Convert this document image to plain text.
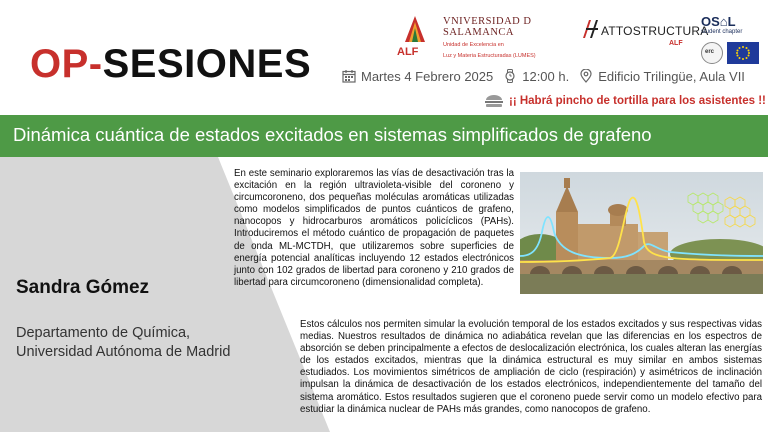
OP-SESIONES	ALF
VNIVERSIDAD D SALAMANCA
Unidad de Excelencia en
Luz y Materia Estructuradas (LUMES)
ATTOSTRUCTURA
ALF
OS⌂L
student chapter
erc
Martes 4 Febrero 2025 12:00 h. Edificio Trilingüe, Aula VII
¡¡ Habrá pincho de tortilla para los asistentes !!
Dinámica cuántica de estados excitados en sistemas simplificados de grafeno
Sandra Gómez
Departamento de Química,
Universidad Autónoma de Madrid

En este seminario exploraremos las vías de desactivación tras la excitación en la región ultravioleta-visible del coroneno y circumcoroneno, dos pequeñas moléculas aromáticas utilizadas como modelos simplificados de puntos cuánticos de grafeno, nanocopos y hidrocarburos aromáticos policíclicos (PAHs). Introduciremos el método cuántico de propagación de paquetes de onda ML-MCTDH, que utilizaremos sobre superficies de energía potencial analíticas incluyendo 12 estados electrónicos junto con 102 grados de libertad para coroneno y 210 grados de libertad para circumcoroneno (dimensionalidad completa).

Estos cálculos nos permiten simular la evolución temporal de los estados excitados y sus respectivas vidas medias. Nuestros resultados de dinámica no adiabática revelan que las diferencias en los espectros de absorción se deben principalmente a efectos de deslocalización electrónica, los cuales alteran las energías de los estados excitados, mientras que la dinámica estructural es muy similar en ambos sistemas estudiados. Los movimientos simétricos de ampliación de ciclo (respiración) y asimétricos de inclinación impulsan la dinámica de desactivación de los estados electrónicos, independientemente del tamaño del sistema aromático. Estos resultados sugieren que el coroneno puede servir como un modelo efectivo para estudiar la dinámica nuclear de PAHs más grandes, como nanocopos de grafeno.
